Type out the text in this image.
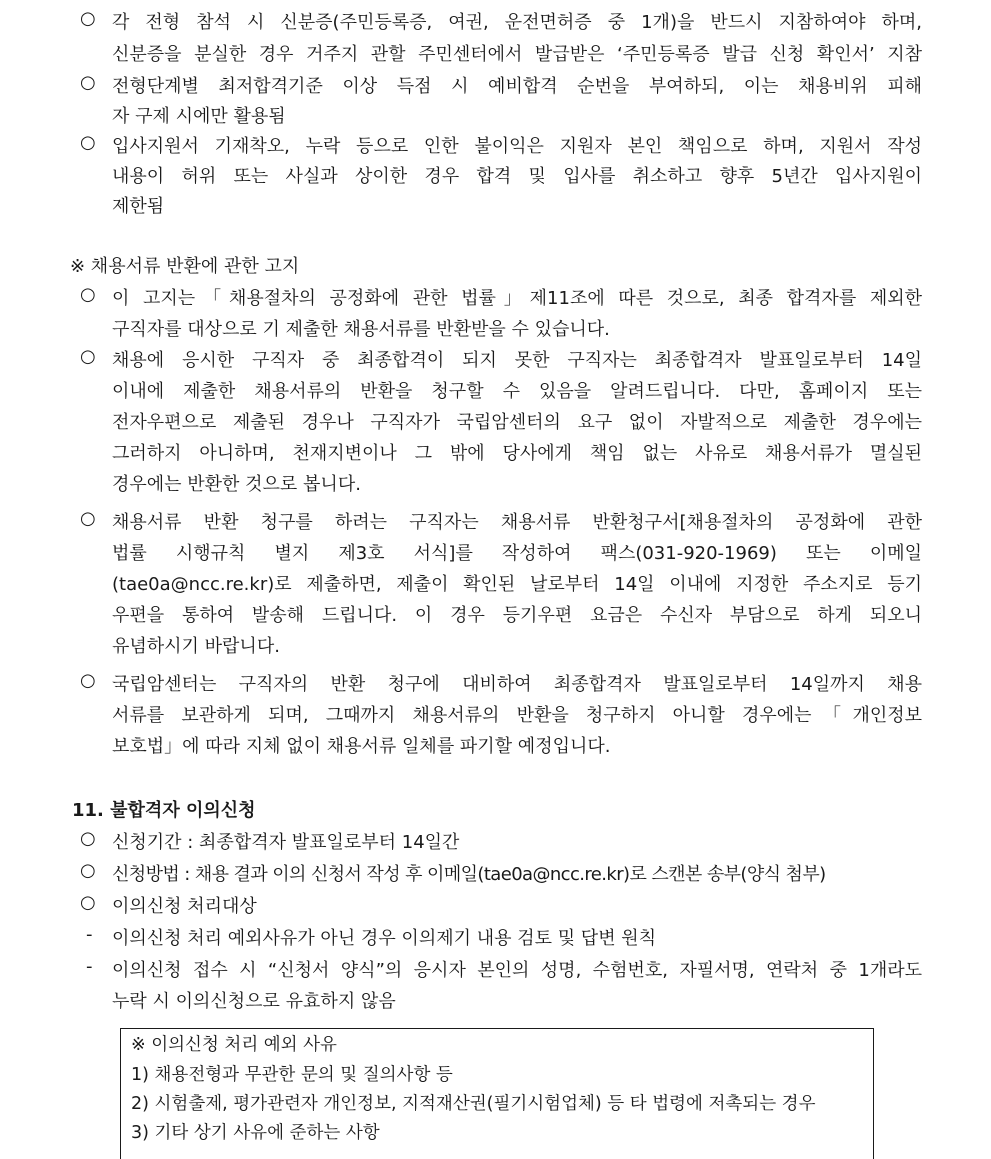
○ 각 전형 참석 시 신분증(주민등록증, 여권, 운전면허증 중 1개)을 반드시 지참하여야 하며,
신분증을 분실한 경우 거주지 관할 주민센터에서 발급받은 ‘주민등록증 발급 신청 확인서’ 지참
○ 전형단계별 최저합격기준 이상 득점 시 예비합격 순번을 부여하되, 이는 채용비위 피해
자 구제 시에만 활용됨
○ 입사지원서 기재착오, 누락 등으로 인한 불이익은 지원자 본인 책임으로 하며, 지원서 작성
내용이 허위 또는 사실과 상이한 경우 합격 및 입사를 취소하고 향후 5년간 입사지원이
제한됨
※ 채용서류 반환에 관한 고지
○ 이 고지는「채용절차의 공정화에 관한 법률」제11조에 따른 것으로, 최종 합격자를 제외한
구직자를 대상으로 기 제출한 채용서류를 반환받을 수 있습니다.
○ 채용에 응시한 구직자 중 최종합격이 되지 못한 구직자는 최종합격자 발표일로부터 14일
이내에 제출한 채용서류의 반환을 청구할 수 있음을 알려드립니다. 다만, 홈페이지 또는
전자우편으로 제출된 경우나 구직자가 국립암센터의 요구 없이 자발적으로 제출한 경우에는
그러하지 아니하며, 천재지변이나 그 밖에 당사에게 책임 없는 사유로 채용서류가 멸실된
경우에는 반환한 것으로 봅니다.
○ 채용서류 반환 청구를 하려는 구직자는 채용서류 반환청구서[채용절차의 공정화에 관한
법률 시행규칙 별지 제3호 서식]를 작성하여 팩스(031-920-1969) 또는 이메일
(tae0a@ncc.re.kr)로 제출하면, 제출이 확인된 날로부터 14일 이내에 지정한 주소지로 등기
우편을 통하여 발송해 드립니다. 이 경우 등기우편 요금은 수신자 부담으로 하게 되오니
유념하시기 바랍니다.
○ 국립암센터는 구직자의 반환 청구에 대비하여 최종합격자 발표일로부터 14일까지 채용
서류를 보관하게 되며, 그때까지 채용서류의 반환을 청구하지 아니할 경우에는「개인정보
보호법」에 따라 지체 없이 채용서류 일체를 파기할 예정입니다.
11. 불합격자 이의신청
○ 신청기간 : 최종합격자 발표일로부터 14일간
○ 신청방법 : 채용 결과 이의 신청서 작성 후 이메일(tae0a@ncc.re.kr)로 스캔본 송부(양식 첨부)
○ 이의신청 처리대상
-	이의신청 처리 예외사유가 아닌 경우 이의제기 내용 검토 및 답변 원칙
-	이의신청 접수 시 “신청서 양식”의 응시자 본인의 성명, 수험번호, 자필서명, 연락처 중 1개라도
누락 시 이의신청으로 유효하지 않음
※ 이의신청 처리 예외 사유
1) 채용전형과 무관한 문의 및 질의사항 등
2) 시험출제, 평가관련자 개인정보, 지적재산권(필기시험업체) 등 타 법령에 저촉되는 경우
3) 기타 상기 사유에 준하는 사항
